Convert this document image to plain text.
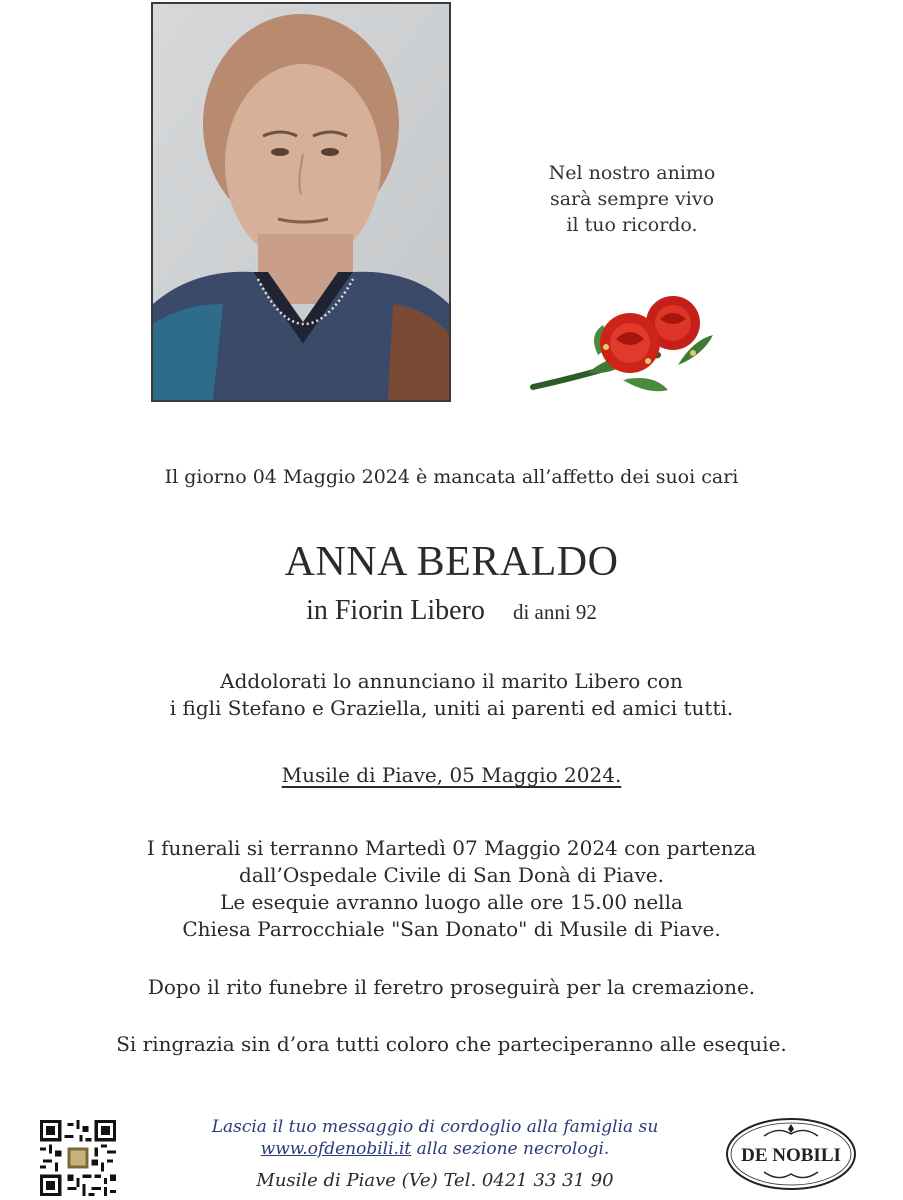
Nel nostro animo
sarà sempre vivo
il tuo ricordo.
Il giorno 04 Maggio 2024 è mancata all’affetto dei suoi cari
ANNA BERALDO
in Fiorin Libero di anni 92
Addolorati lo annunciano il marito Libero con
i figli Stefano e Graziella, uniti ai parenti ed amici tutti.
Musile di Piave, 05 Maggio 2024.
I funerali si terranno Martedì 07 Maggio 2024 con partenza
dall’Ospedale Civile di San Donà di Piave.
Le esequie avranno luogo alle ore 15.00 nella
Chiesa Parrocchiale "San Donato" di Musile di Piave.
Dopo il rito funebre il feretro proseguirà per la cremazione.
Si ringrazia sin d’ora tutti coloro che parteciperanno alle esequie.
Lascia il tuo messaggio di cordoglio alla famiglia su
www.ofdenobili.it alla sezione necrologi.
Musile di Piave (Ve) Tel. 0421 33 31 90
DE NOBILI
